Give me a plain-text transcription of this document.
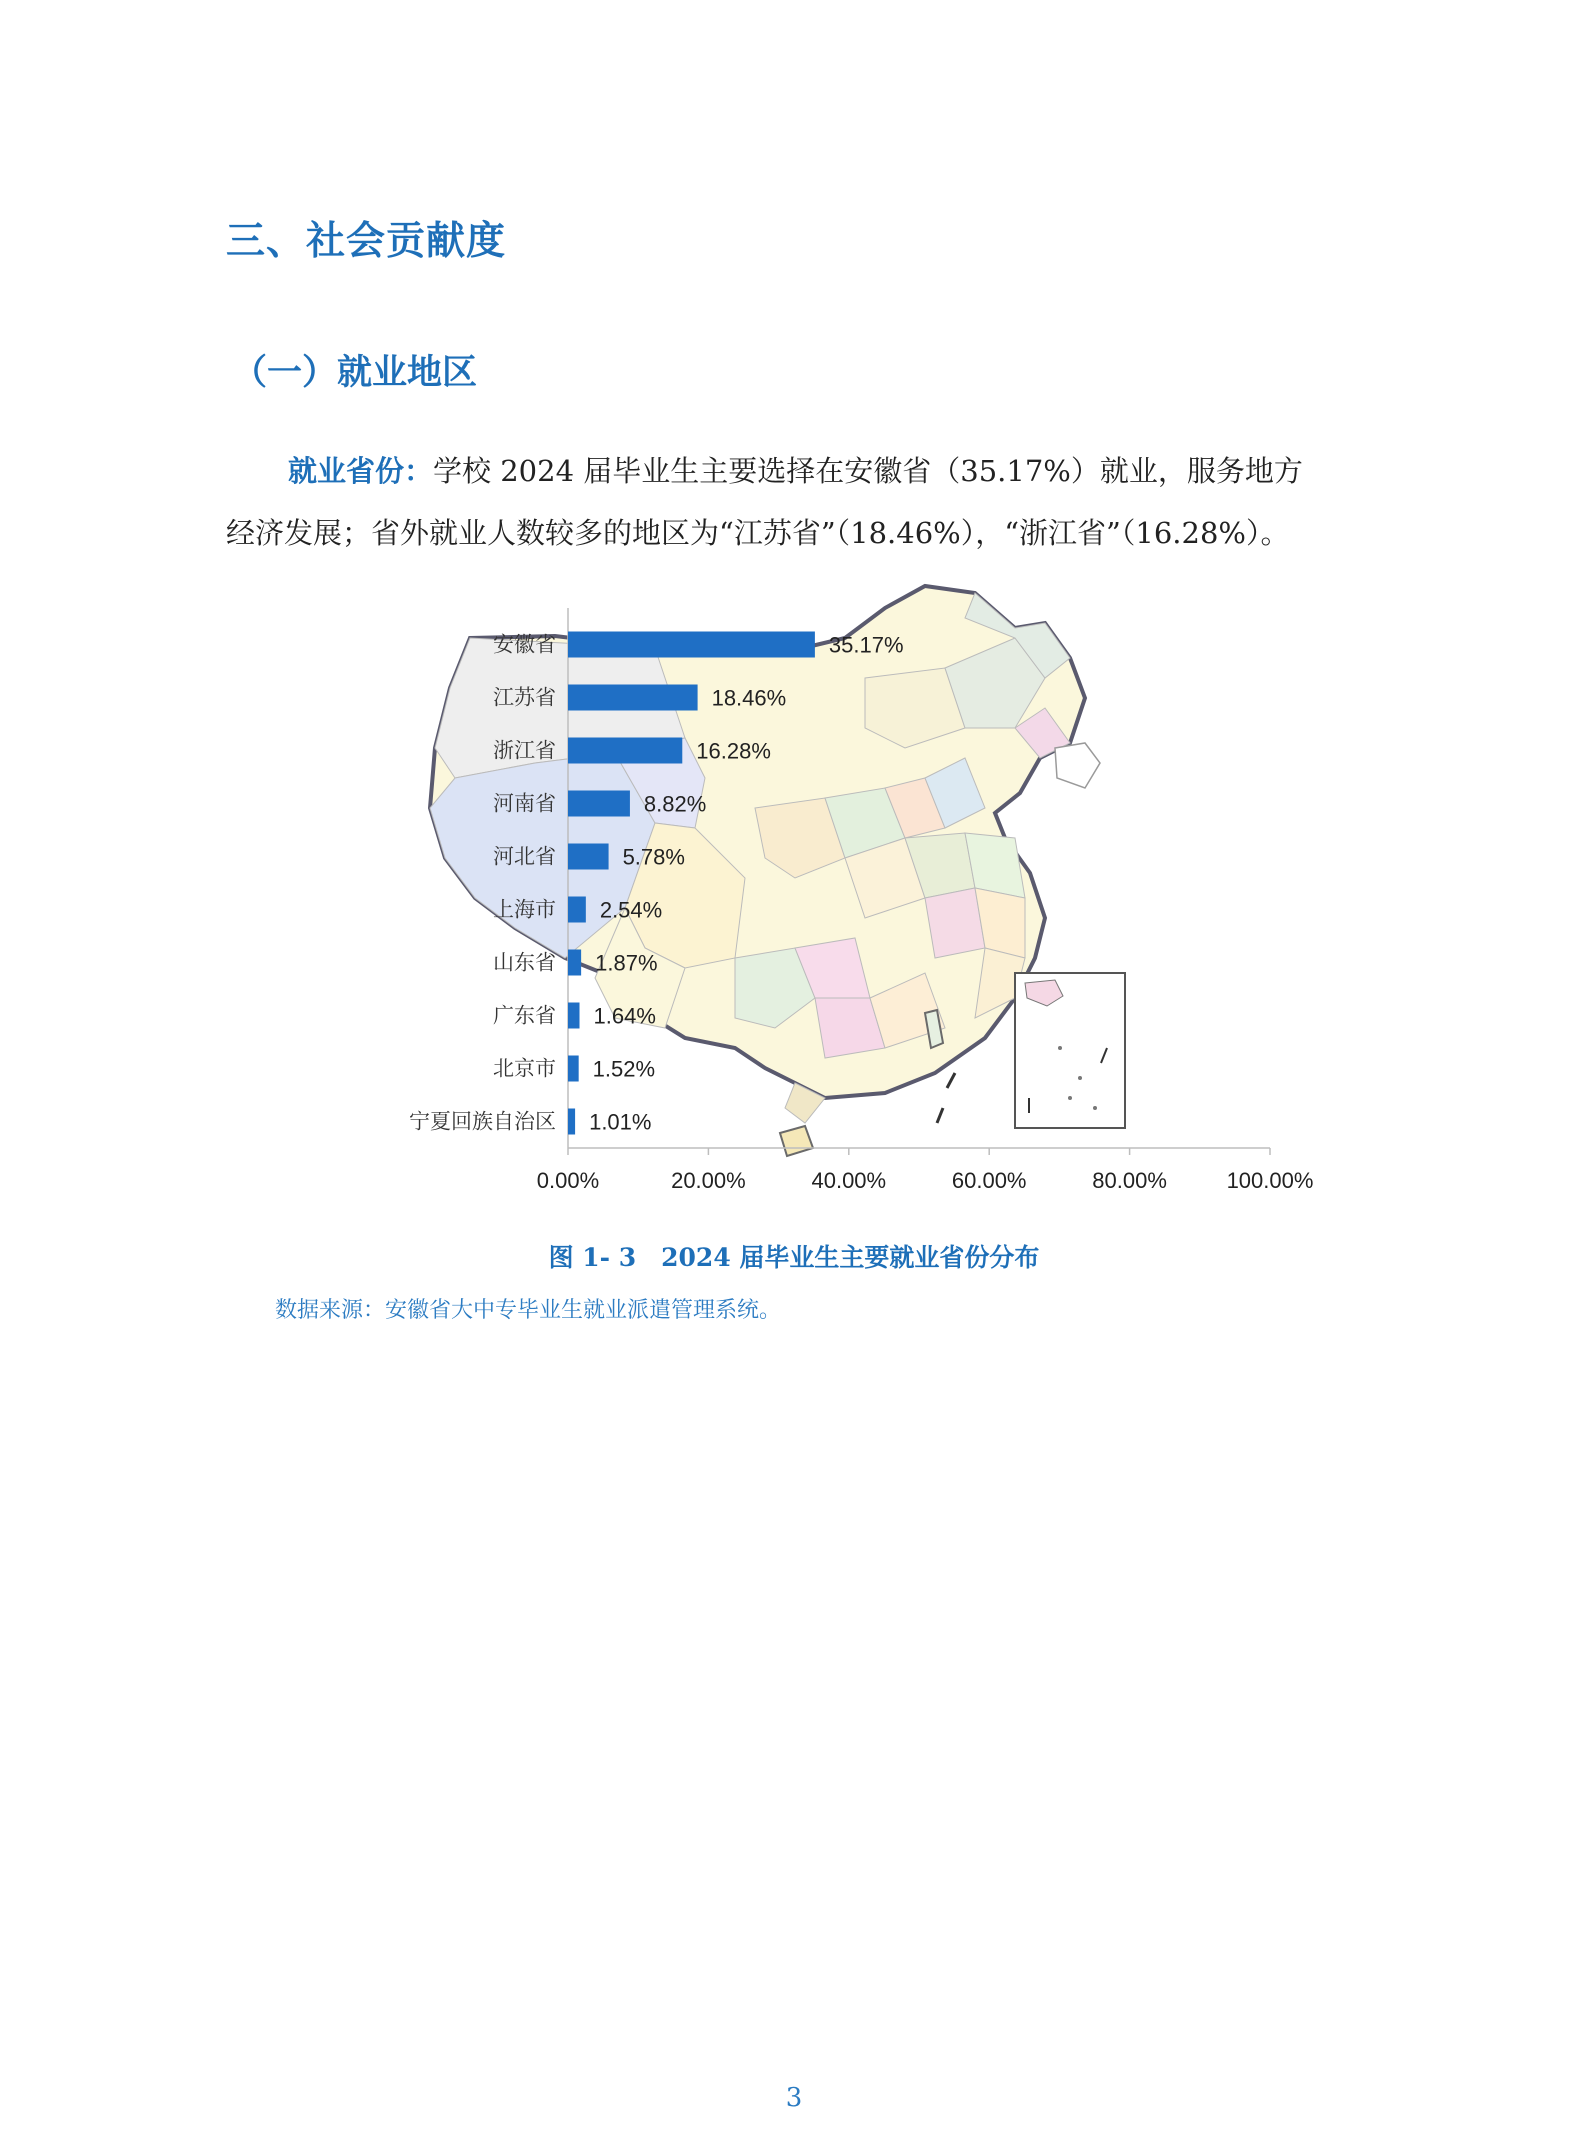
三、社会贡献度
（一）就业地区

就业省份：学校 2024 届毕业生主要选择在安徽省（35.17%）就业，服务地方
经济发展；省外就业人数较多的地区为“江苏省”（18.46%），“浙江省”（16.28%）。

安徽省
江苏省
浙江省
河南省
河北省
上海市
山东省
广东省
北京市
宁夏回族自治区
35.17%
18.46%
16.28%
8.82%
5.78%
2.54%
1.87%
1.64%
1.52%
1.01%
0.00%	20.00%	40.00%	60.00%	80.00%	100.00%
图 1- 3　2024 届毕业生主要就业省份分布
数据来源：安徽省大中专毕业生就业派遣管理系统。
3
